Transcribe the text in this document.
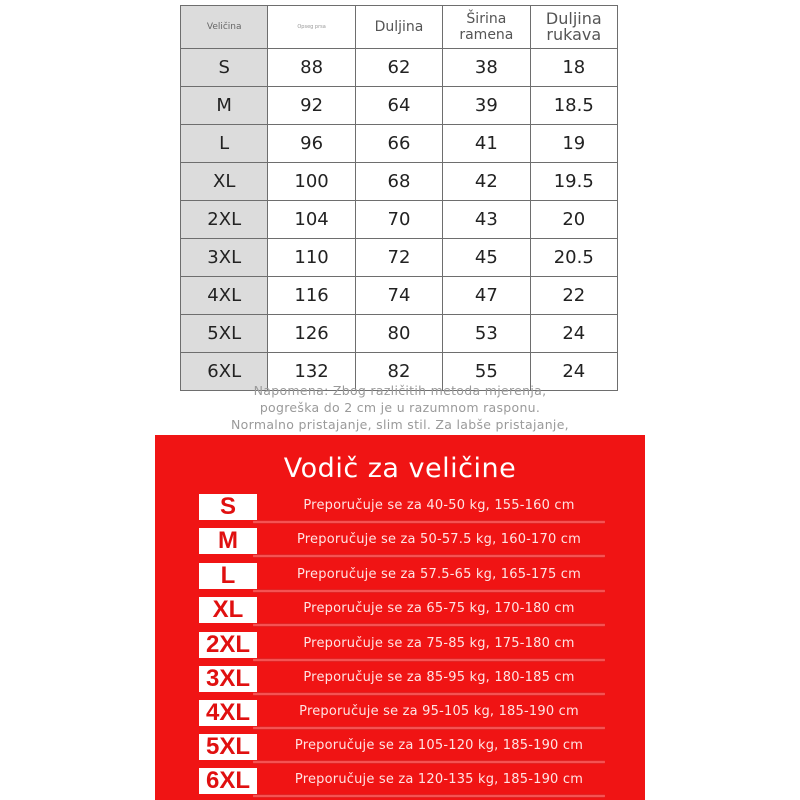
Veličina	Opseg prsa	Duljina	Širina ramena	Duljina rukava
S	88	62	38	18
M	92	64	39	18.5
L	96	66	41	19
XL	100	68	42	19.5
2XL	104	70	43	20
3XL	110	72	45	20.5
4XL	116	74	47	22
5XL	126	80	53	24
6XL	132	82	55	24
Napomena: Zbog različitih metoda mjerenja, pogreška do 2 cm je u razumnom rasponu. Normalno pristajanje, slim stil. Za labše pristajanje,
Vodič za veličine
S	Preporučuje se za 40-50 kg, 155-160 cm
M	Preporučuje se za 50-57.5 kg, 160-170 cm
L	Preporučuje se za 57.5-65 kg, 165-175 cm
XL	Preporučuje se za 65-75 kg, 170-180 cm
2XL	Preporučuje se za 75-85 kg, 175-180 cm
3XL	Preporučuje se za 85-95 kg, 180-185 cm
4XL	Preporučuje se za 95-105 kg, 185-190 cm
5XL	Preporučuje se za 105-120 kg, 185-190 cm
6XL	Preporučuje se za 120-135 kg, 185-190 cm
